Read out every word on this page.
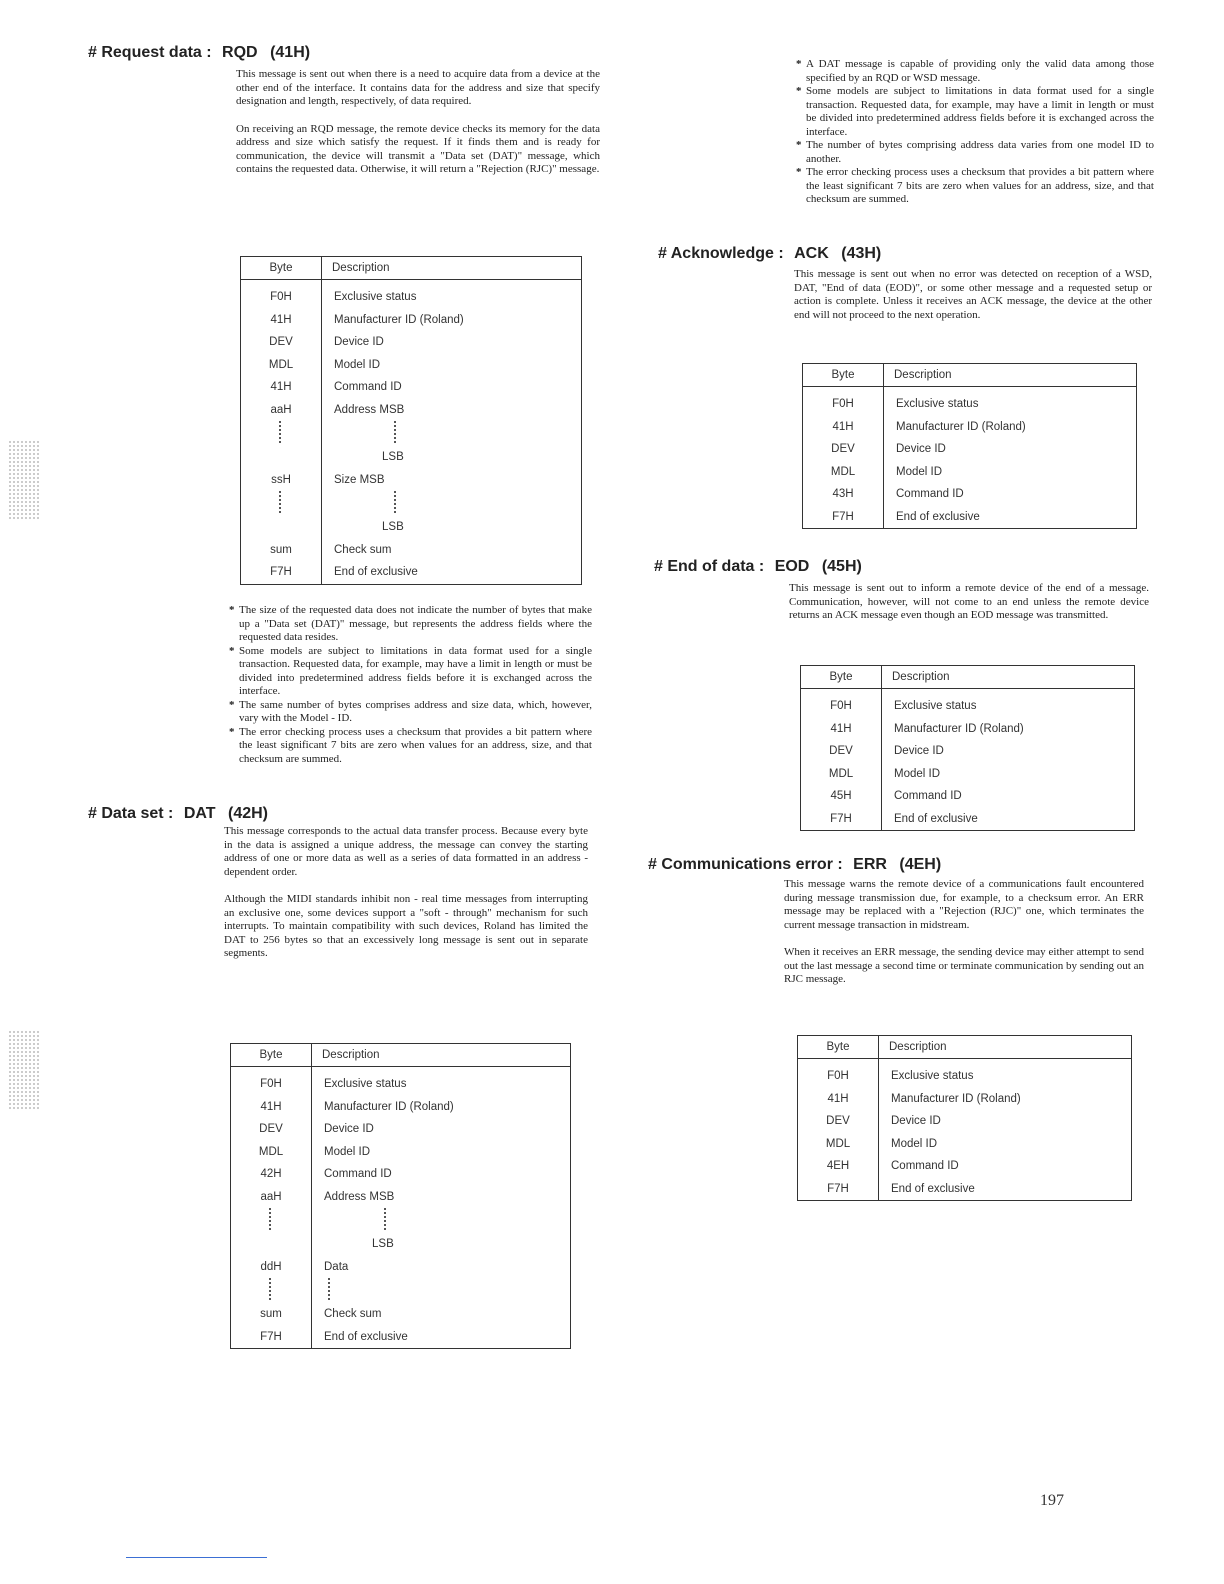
# Request data : RQD (41H)

This message is sent out when there is a need to acquire data from a device at the other end of the interface. It contains data for the address and size that specify designation and length, respectively, of data required.

On receiving an RQD message, the remote device checks its memory for the data address and size which satisfy the request. If it finds them and is ready for communication, the device will transmit a "Data set (DAT)" message, which contains the requested data. Otherwise, it will return a "Rejection (RJC)" message.

Byte	Description
F0H	Exclusive status
41H	Manufacturer ID (Roland)
DEV	Device ID
MDL	Model ID
41H	Command ID
aaH	Address MSB

	LSB
ssH	Size MSB

	LSB
sum	Check sum
F7H	End of exclusive
* The size of the requested data does not indicate the number of bytes that make up a "Data set (DAT)" message, but represents the address fields where the requested data resides.
* Some models are subject to limitations in data format used for a single transaction. Requested data, for example, may have a limit in length or must be divided into predetermined address fields before it is exchanged across the interface.
* The same number of bytes comprises address and size data, which, however, vary with the Model - ID.
* The error checking process uses a checksum that provides a bit pattern where the least significant 7 bits are zero when values for an address, size, and that checksum are summed.
# Data set : DAT (42H)

This message corresponds to the actual data transfer process. Because every byte in the data is assigned a unique address, the message can convey the starting address of one or more data as well as a series of data formatted in an address - dependent order.

Although the MIDI standards inhibit non - real time messages from interrupting an exclusive one, some devices support a "soft - through" mechanism for such interrupts. To maintain compatibility with such devices, Roland has limited the DAT to 256 bytes so that an excessively long message is sent out in separate segments.

Byte	Description
F0H	Exclusive status
41H	Manufacturer ID (Roland)
DEV	Device ID
MDL	Model ID
42H	Command ID
aaH	Address MSB

	LSB
ddH	Data

sum	Check sum
F7H	End of exclusive
* A DAT message is capable of providing only the valid data among those specified by an RQD or WSD message.
* Some models are subject to limitations in data format used for a single transaction. Requested data, for example, may have a limit in length or must be divided into predetermined address fields before it is exchanged across the interface.
* The number of bytes comprising address data varies from one model ID to another.
* The error checking process uses a checksum that provides a bit pattern where the least significant 7 bits are zero when values for an address, size, and that checksum are summed.
# Acknowledge : ACK (43H)

This message is sent out when no error was detected on reception of a WSD, DAT, "End of data (EOD)", or some other message and a requested setup or action is complete. Unless it receives an ACK message, the device at the other end will not proceed to the next operation.

Byte	Description
F0H	Exclusive status
41H	Manufacturer ID (Roland)
DEV	Device ID
MDL	Model ID
43H	Command ID
F7H	End of exclusive
# End of data : EOD (45H)

This message is sent out to inform a remote device of the end of a message. Communication, however, will not come to an end unless the remote device returns an ACK message even though an EOD message was transmitted.

Byte	Description
F0H	Exclusive status
41H	Manufacturer ID (Roland)
DEV	Device ID
MDL	Model ID
45H	Command ID
F7H	End of exclusive
# Communications error : ERR (4EH)

This message warns the remote device of a communications fault encountered during message transmission due, for example, to a checksum error. An ERR message may be replaced with a "Rejection (RJC)" one, which terminates the current message transaction in midstream.

When it receives an ERR message, the sending device may either attempt to send out the last message a second time or terminate communication by sending out an RJC message.

Byte	Description
F0H	Exclusive status
41H	Manufacturer ID (Roland)
DEV	Device ID
MDL	Model ID
4EH	Command ID
F7H	End of exclusive
197
